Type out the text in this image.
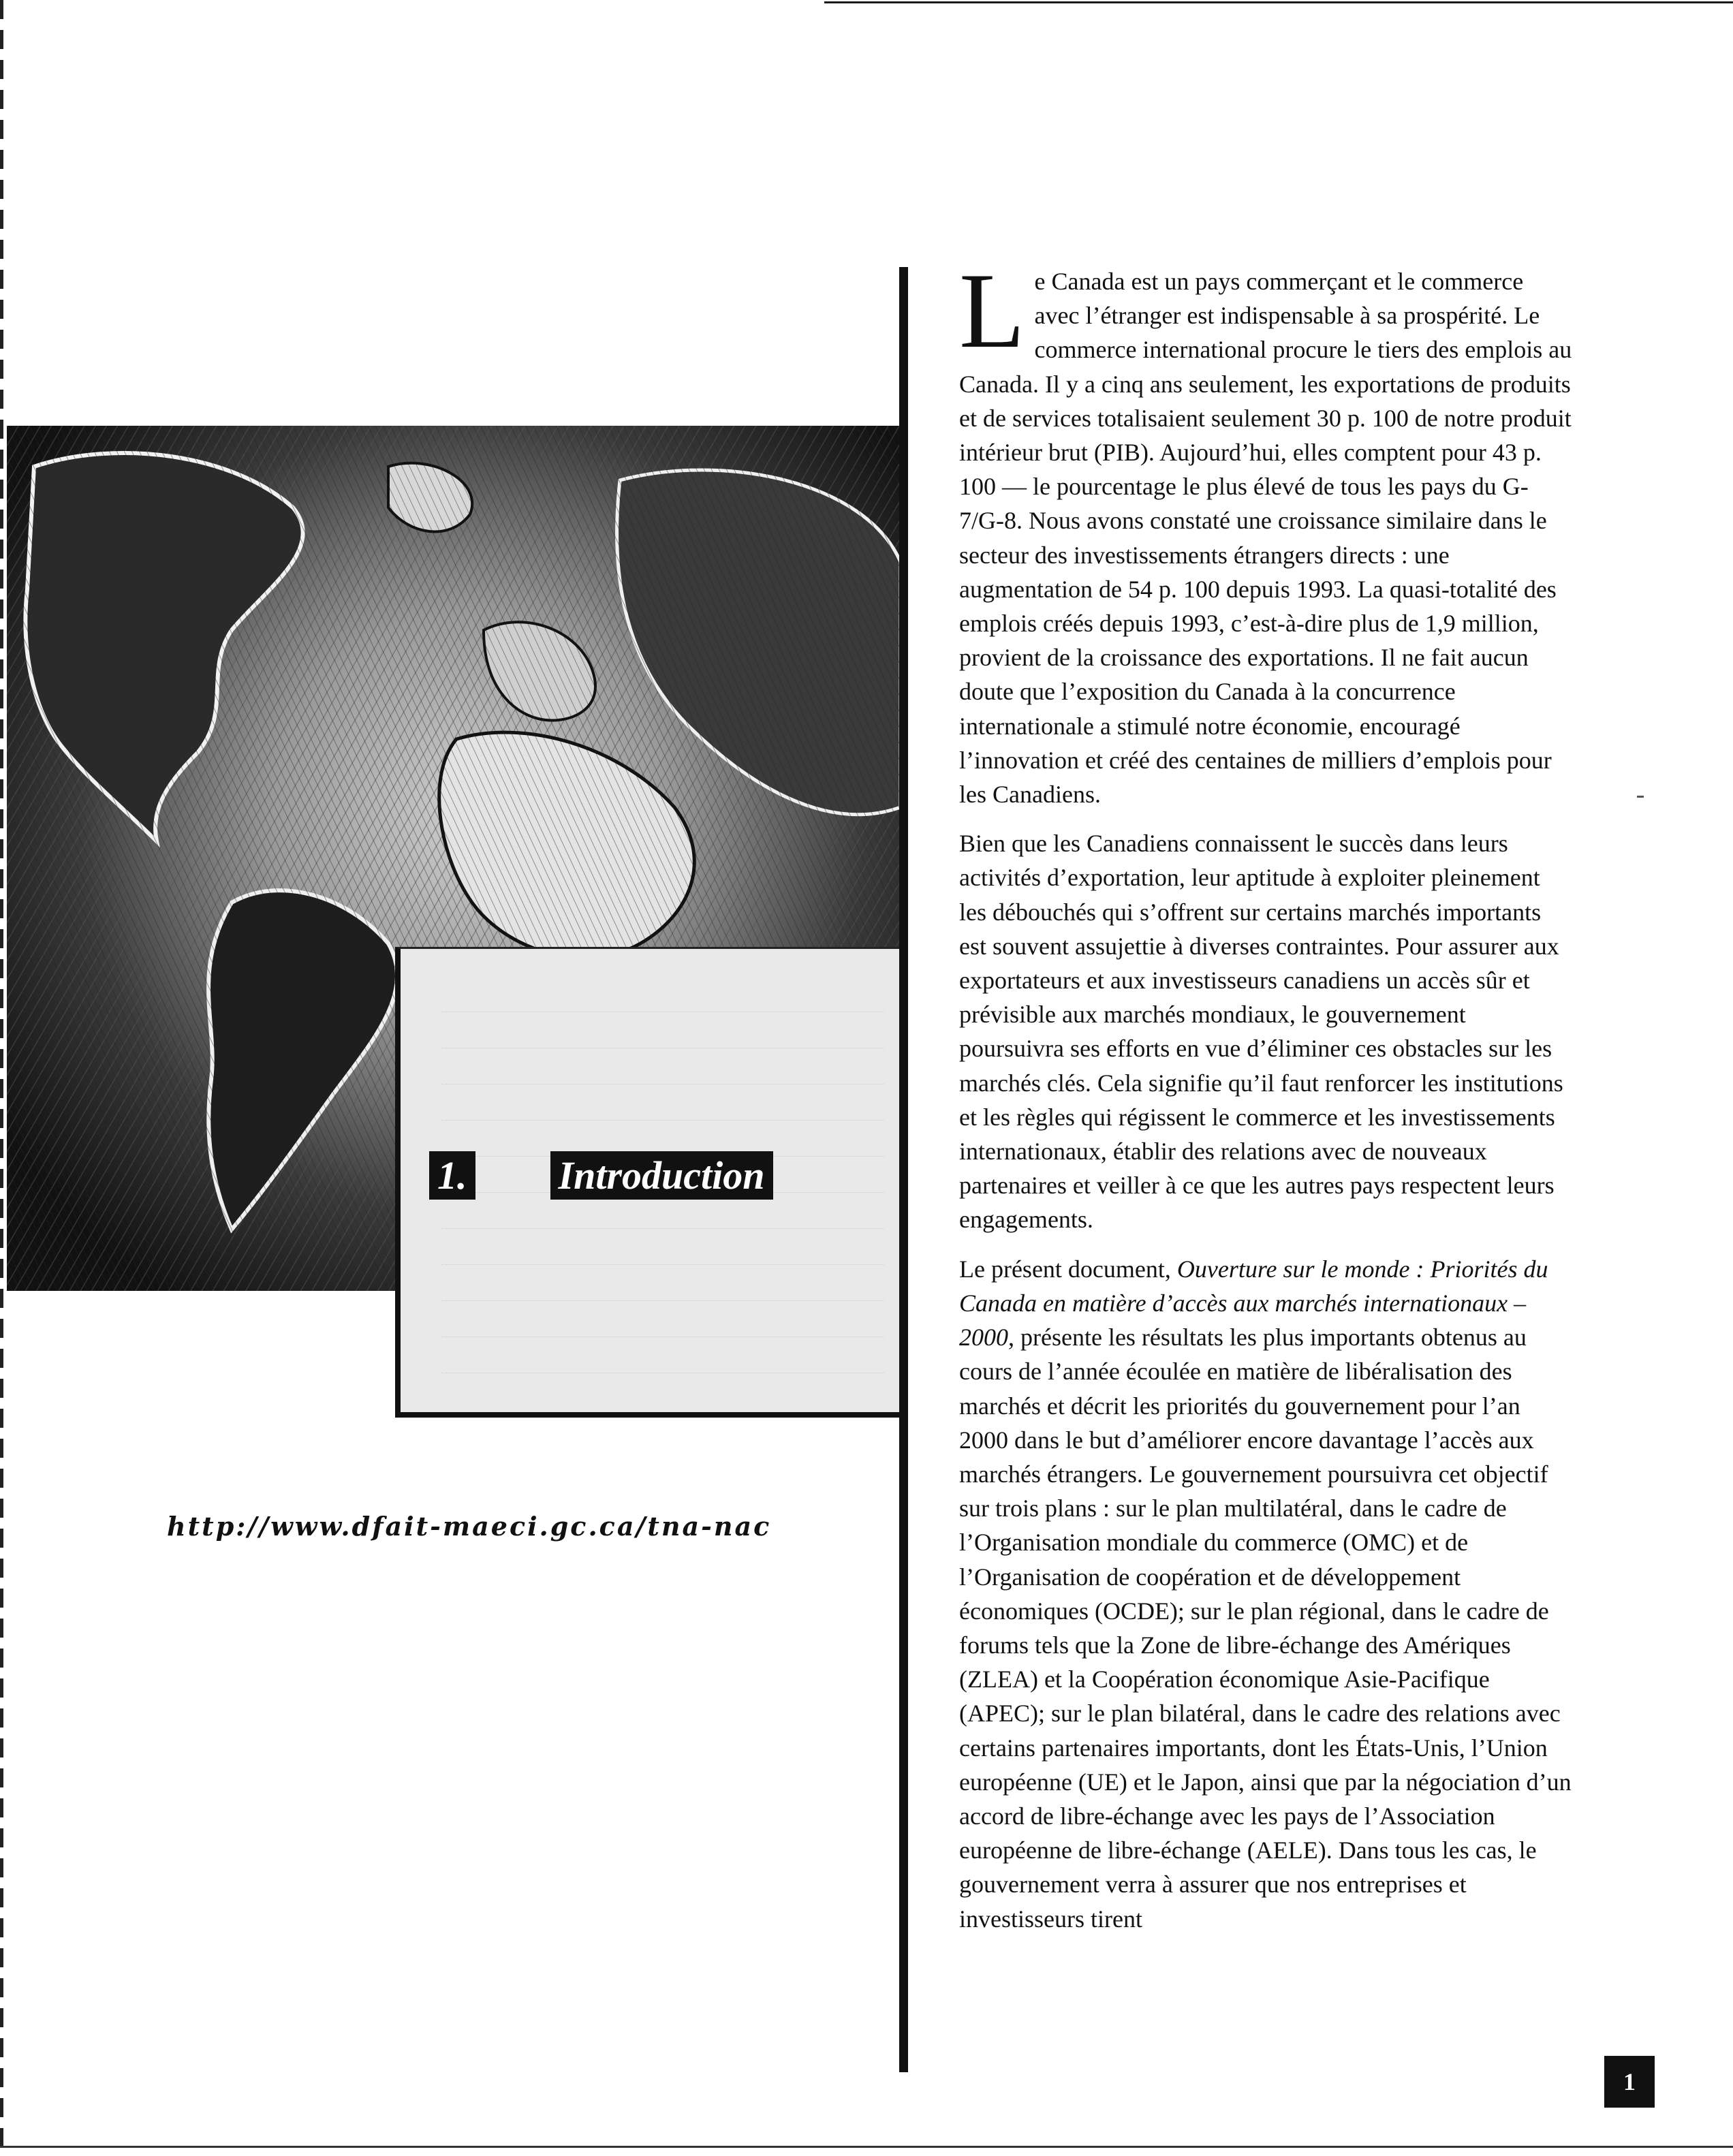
1. Introduction
http://www.dfait-maeci.gc.ca/tna-nac

Le Canada est un pays commerçant et le commerce avec l’étranger est indispensable à sa prospérité. Le commerce international procure le tiers des emplois au Canada. Il y a cinq ans seulement, les exportations de produits et de services totalisaient seulement 30 p. 100 de notre produit intérieur brut (PIB). Aujourd’hui, elles comptent pour 43 p. 100 — le pourcentage le plus élevé de tous les pays du G-7/G-8. Nous avons constaté une croissance similaire dans le secteur des investissements étrangers directs : une augmentation de 54 p. 100 depuis 1993. La quasi-totalité des emplois créés depuis 1993, c’est-à-dire plus de 1,9 million, provient de la croissance des exportations. Il ne fait aucun doute que l’exposition du Canada à la concurrence internationale a stimulé notre économie, encouragé l’innovation et créé des centaines de milliers d’emplois pour les Canadiens.

Bien que les Canadiens connaissent le succès dans leurs activités d’exportation, leur aptitude à exploiter pleinement les débouchés qui s’offrent sur certains marchés importants est souvent assujettie à diverses contraintes. Pour assurer aux exportateurs et aux investisseurs canadiens un accès sûr et prévisible aux marchés mondiaux, le gouvernement poursuivra ses efforts en vue d’éliminer ces obstacles sur les marchés clés. Cela signifie qu’il faut renforcer les institutions et les règles qui régissent le commerce et les investissements internationaux, établir des relations avec de nouveaux partenaires et veiller à ce que les autres pays respectent leurs engagements.

Le présent document, Ouverture sur le monde : Priorités du Canada en matière d’accès aux marchés internationaux – 2000, présente les résultats les plus importants obtenus au cours de l’année écoulée en matière de libéralisation des marchés et décrit les priorités du gouvernement pour l’an 2000 dans le but d’améliorer encore davantage l’accès aux marchés étrangers. Le gouvernement poursuivra cet objectif sur trois plans : sur le plan multilatéral, dans le cadre de l’Organisation mondiale du commerce (OMC) et de l’Organisation de coopération et de développement économiques (OCDE); sur le plan régional, dans le cadre de forums tels que la Zone de libre-échange des Amériques (ZLEA) et la Coopération économique Asie-Pacifique (APEC); sur le plan bilatéral, dans le cadre des relations avec certains partenaires importants, dont les États-Unis, l’Union européenne (UE) et le Japon, ainsi que par la négociation d’un accord de libre-échange avec les pays de l’Association européenne de libre-échange (AELE). Dans tous les cas, le gouvernement verra à assurer que nos entreprises et investisseurs tirent

1
